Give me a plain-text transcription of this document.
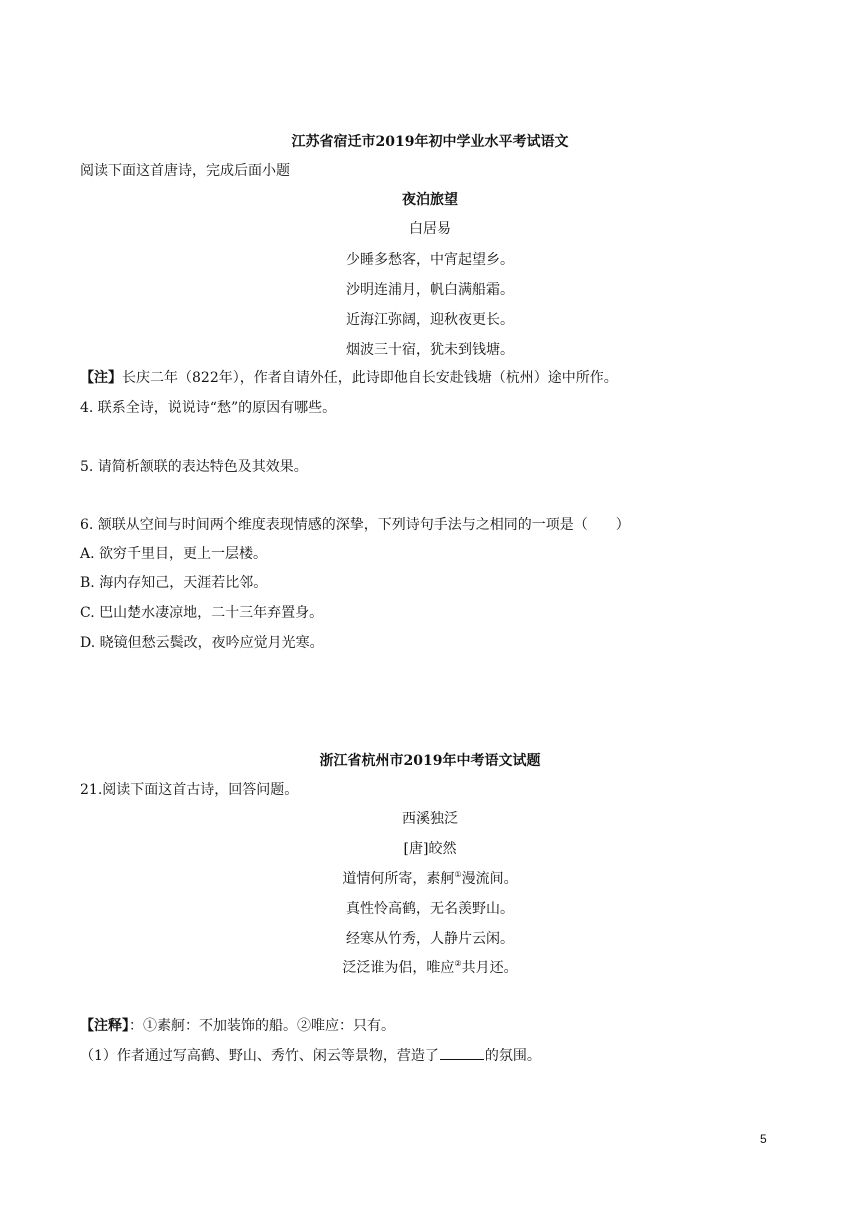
江苏省宿迁市2019年初中学业水平考试语文
阅读下面这首唐诗，完成后面小题
夜泊旅望
白居易
少睡多愁客，中宵起望乡。
沙明连浦月，帆白满船霜。
近海江弥阔，迎秋夜更长。
烟波三十宿，犹未到钱塘。
【注】长庆二年（822年），作者自请外任，此诗即他自长安赴钱塘（杭州）途中所作。
4. 联系全诗，说说诗“愁”的原因有哪些。
5. 请简析颔联的表达特色及其效果。
6. 颔联从空间与时间两个维度表现情感的深挚，下列诗句手法与之相同的一项是（　　）
A. 欲穷千里目，更上一层楼。
B. 海内存知己，天涯若比邻。
C. 巴山楚水凄凉地，二十三年弃置身。
D. 晓镜但愁云鬓改，夜吟应觉月光寒。
浙江省杭州市2019年中考语文试题
21.阅读下面这首古诗，回答问题。
西溪独泛
[唐]皎然
道情何所寄，素舸①漫流间。
真性怜高鹤，无名羡野山。
经寒从竹秀，人静片云闲。
泛泛谁为侣，唯应②共月还。
【注释】：①素舸：不加装饰的船。②唯应：只有。
（1）作者通过写高鹤、野山、秀竹、闲云等景物，营造了	的氛围。
5
